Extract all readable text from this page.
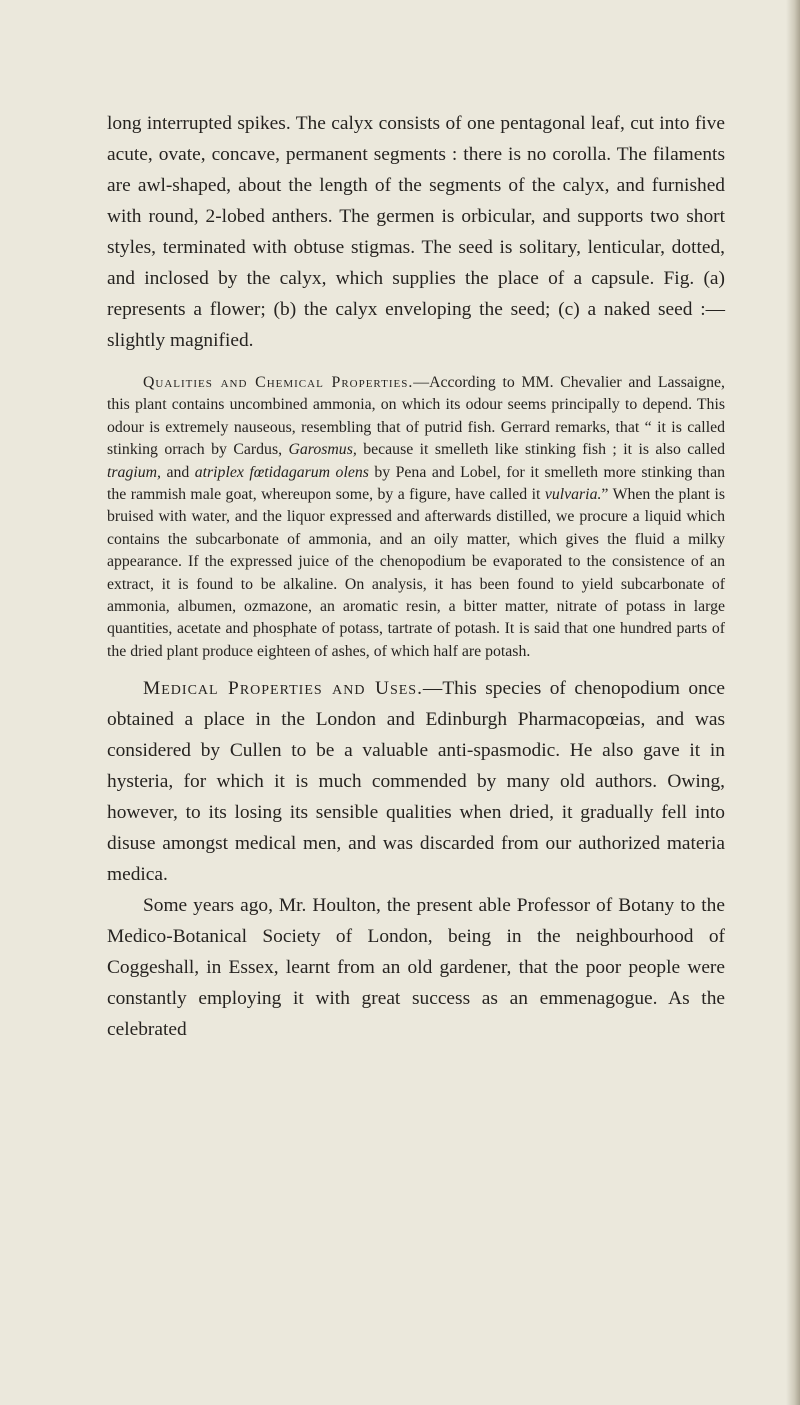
long interrupted spikes. The calyx consists of one pentagonal leaf, cut into five acute, ovate, concave, permanent segments : there is no corolla. The filaments are awl-shaped, about the length of the segments of the calyx, and furnished with round, 2-lobed anthers. The germen is orbicular, and supports two short styles, terminated with obtuse stigmas. The seed is solitary, lenticular, dotted, and inclosed by the calyx, which supplies the place of a capsule. Fig. (a) represents a flower; (b) the calyx enveloping the seed; (c) a naked seed :—slightly magnified.

Qualities and Chemical Properties.—According to MM. Chevalier and Lassaigne, this plant contains uncombined ammonia, on which its odour seems principally to depend. This odour is extremely nauseous, resembling that of putrid fish. Gerrard remarks, that “ it is called stinking orrach by Cardus, Garosmus, because it smelleth like stinking fish ; it is also called tragium, and atriplex fœtidagarum olens by Pena and Lobel, for it smelleth more stinking than the rammish male goat, whereupon some, by a figure, have called it vulvaria.” When the plant is bruised with water, and the liquor expressed and afterwards distilled, we procure a liquid which contains the subcarbonate of ammonia, and an oily matter, which gives the fluid a milky appearance. If the expressed juice of the chenopodium be evaporated to the consistence of an extract, it is found to be alkaline. On analysis, it has been found to yield subcarbonate of ammonia, albumen, ozmazone, an aromatic resin, a bitter matter, nitrate of potass in large quantities, acetate and phosphate of potass, tartrate of potash. It is said that one hundred parts of the dried plant produce eighteen of ashes, of which half are potash.

Medical Properties and Uses.—This species of chenopodium once obtained a place in the London and Edinburgh Pharmacopœias, and was considered by Cullen to be a valuable anti-spasmodic. He also gave it in hysteria, for which it is much commended by many old authors. Owing, however, to its losing its sensible qualities when dried, it gradually fell into disuse amongst medical men, and was discarded from our authorized materia medica.

Some years ago, Mr. Houlton, the present able Professor of Botany to the Medico-Botanical Society of London, being in the neighbourhood of Coggeshall, in Essex, learnt from an old gardener, that the poor people were constantly employing it with great success as an emmenagogue. As the celebrated
